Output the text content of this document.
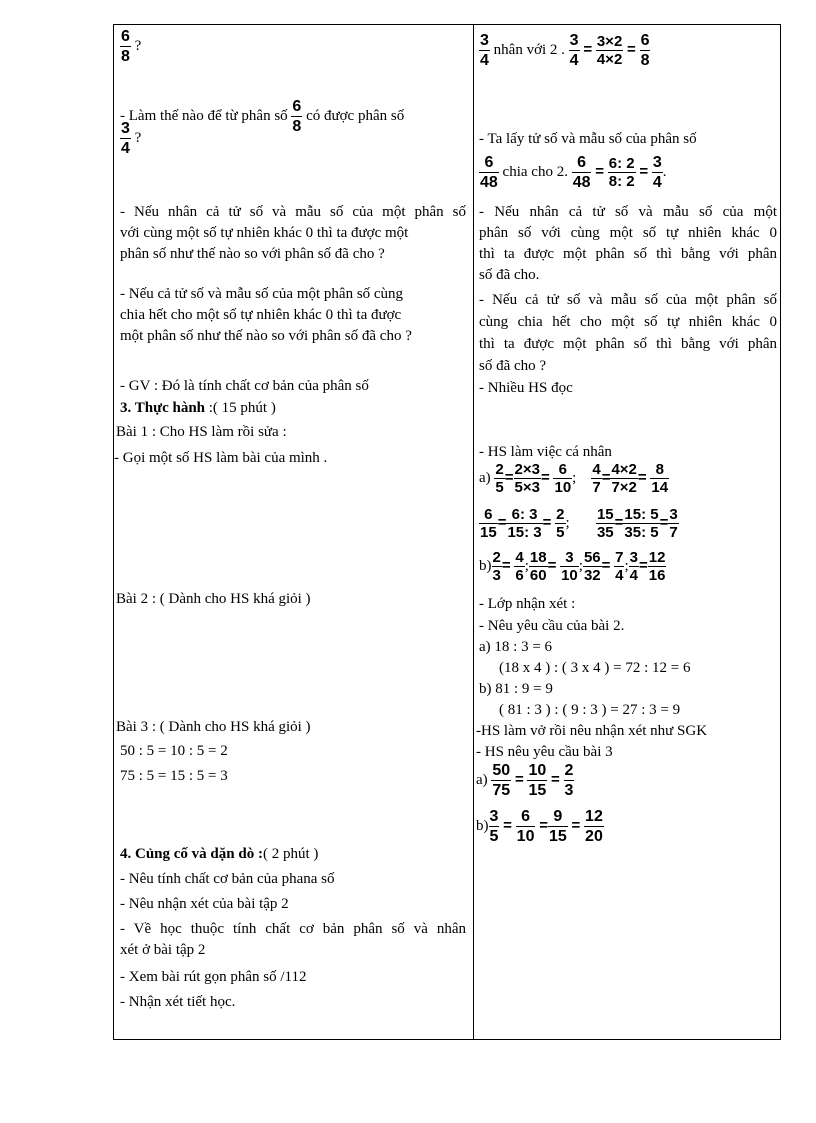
$\frac{6}{8}$ ?
- Làm thế nào để từ phân số $\frac{6}{8}$ có được phân số
$\frac{3}{4}$ ?
- Nếu nhân cả tử số và mẫu số của một phân số
với cùng một số tự nhiên khác 0 thì ta được một
phân số như thế nào so với phân số đã cho ?
- Nếu cả tử số và mẫu số của một phân số cùng
chia hết cho một số tự nhiên khác 0 thì ta được
một phân số như thế nào so với phân số đã cho ?
- GV : Đó là tính chất cơ bản của phân số
3. Thực hành :( 15 phút )
Bài 1 : Cho HS làm rồi sửa :
- Gọi một số HS làm bài của mình .
Bài 2 : ( Dành cho HS khá giỏi )
Bài 3 : ( Dành cho HS khá giỏi )
50 : 5 = 10 : 5 = 2
75 : 5 = 15 : 5 = 3
4. Củng cố và dặn dò :( 2 phút )
- Nêu tính chất cơ bản của phana số
- Nêu nhận xét của bài tập 2
- Về học thuộc tính chất cơ bản phân số và nhân
xét ở bài tập 2
- Xem bài rút gọn phân số /112
- Nhận xét tiết học.
$\frac{3}{4}$ nhân với 2 . $\frac{3}{4} = \frac{3\times 2}{4\times 2} = \frac{6}{8}$
- Ta lấy tử số và mẫu số của phân số
$\frac{6}{48}$ chia cho 2. $\frac{6}{48} = \frac{6: 2}{8: 2} = \frac{3}{4}$ .
- Nếu nhân cả tử số và mẫu số của một
phân số với cùng một số tự nhiên khác 0
thì ta được một phân số thì bằng với phân
số đã cho.
- Nếu cả tử số và mẫu số của một phân số
cùng chia hết cho một số tự nhiên khác 0
thì ta được một phân số thì bằng với phân
số đã cho ?
- Nhiều HS đọc
- HS làm việc cá nhân
$a) \frac{2}{5} = \frac{2\times 3}{5\times 3} = \frac{6}{10}$ ; $\frac{4}{7} = \frac{4\times 2}{7\times 2} = \frac{8}{14}$
$\frac{6}{15} = \frac{6: 3}{15: 3} = \frac{2}{5}$ ; $\frac{15}{35} = \frac{15: 5}{35: 5} = \frac{3}{7}$
$b) \frac{2}{3} = \frac{4}{6}$ ; $\frac{18}{60} = \frac{3}{10}$ ; $\frac{56}{32} = \frac{7}{4}$ ; $\frac{3}{4} = \frac{12}{16}$
- Lớp nhận xét :
- Nêu yêu cầu của bài 2.
a) 18 : 3 = 6
(18 x 4 ) : ( 3 x 4 ) = 72 : 12 = 6
b) 81 : 9 = 9
( 81 : 3 ) : ( 9 : 3 ) = 27 : 3 = 9
-HS làm vở rồi nêu nhận xét như SGK
- HS nêu yêu cầu bài 3
$a) \frac{50}{75} = \frac{10}{15} = \frac{2}{3}$
$b) \frac{3}{5} = \frac{6}{10} = \frac{9}{15} = \frac{12}{20}$
